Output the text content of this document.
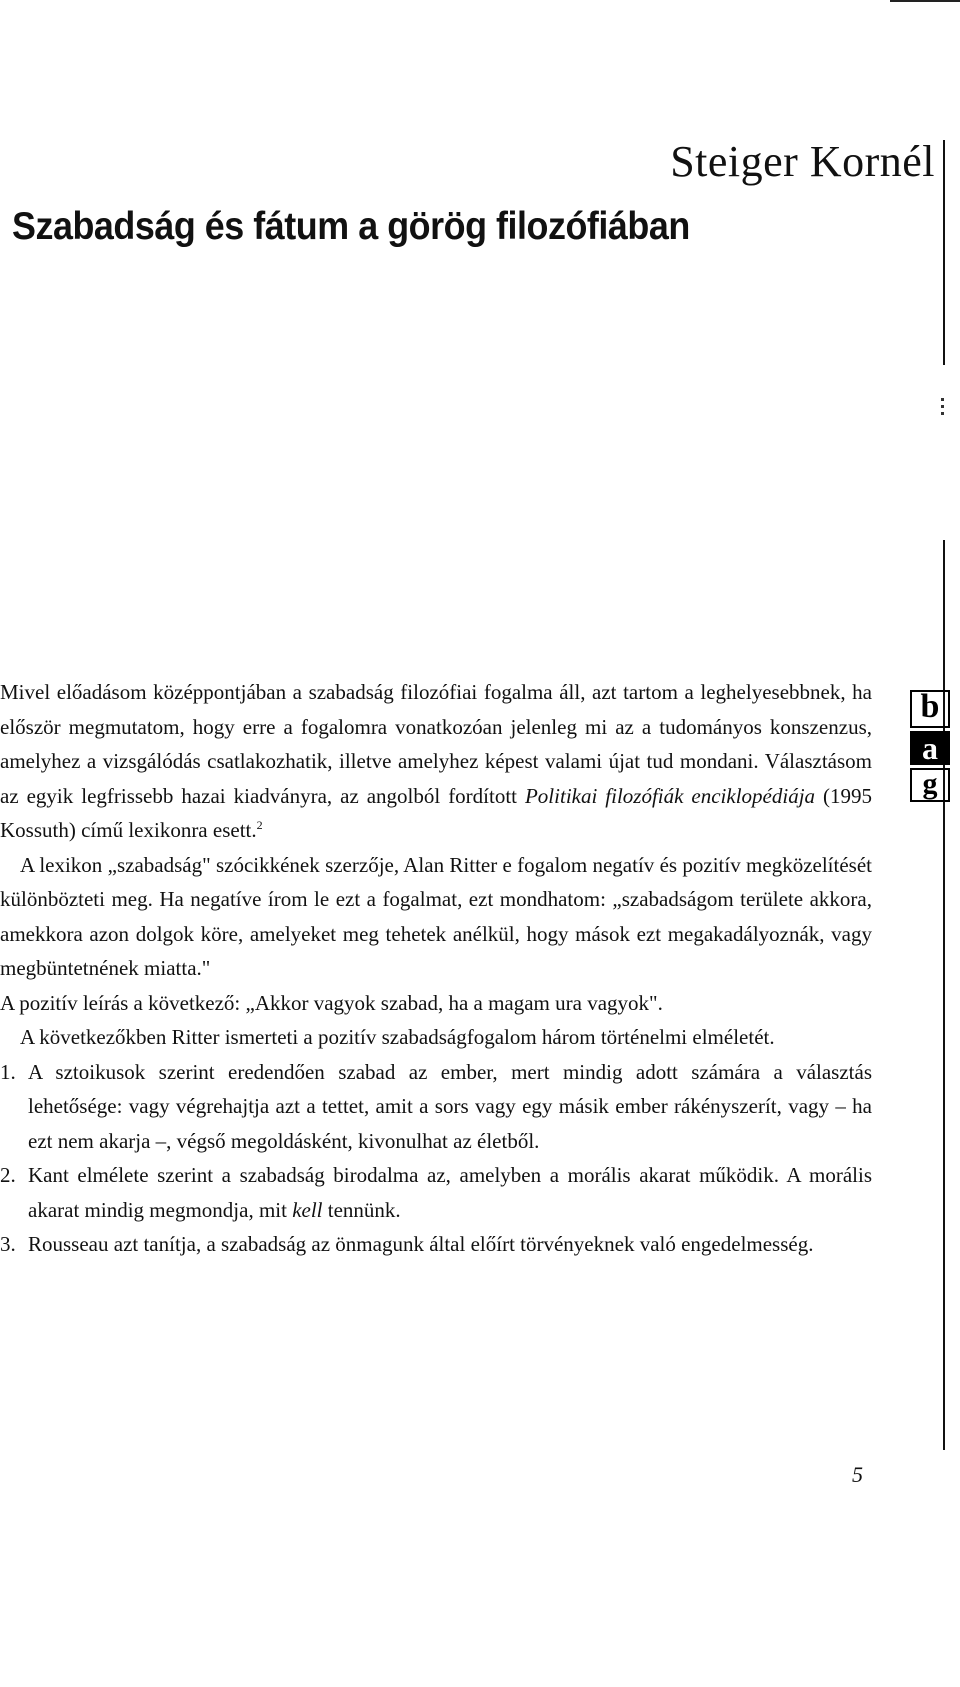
Steiger Kornél
Szabadság és fátum a görög filozófiában
b
a
g

Mivel előadásom középpontjában a szabadság filozófiai fogalma áll, azt tartom a leghelyesebbnek, ha először megmutatom, hogy erre a fogalomra vonatkozóan jelenleg mi az a tudományos konszenzus, amelyhez a vizsgálódás csatlakozhatik, illetve amelyhez képest valami újat tud mondani. Választásom az egyik legfrissebb hazai kiadványra, az angolból fordított Politikai filozófiák enciklopédiája (1995 Kossuth) című lexikonra esett.$^2$

A lexikon „szabadság" szócikkének szerzője, Alan Ritter e fogalom negatív és pozitív megközelítését különbözteti meg. Ha negatíve írom le ezt a fogalmat, ezt mondhatom: „szabadságom területe akkora, amekkora azon dolgok köre, amelyeket meg tehetek anélkül, hogy mások ezt megakadályoznák, vagy megbüntetnének miatta."

A pozitív leírás a következő: „Akkor vagyok szabad, ha a magam ura vagyok".

A következőkben Ritter ismerteti a pozitív szabadságfogalom három történelmi elméletét.

1. A sztoikusok szerint eredendően szabad az ember, mert mindig adott számára a választás lehetősége: vagy végrehajtja azt a tettet, amit a sors vagy egy másik ember rákényszerít, vagy – ha ezt nem akarja –, végső megoldásként, kivonulhat az életből.
2. Kant elmélete szerint a szabadság birodalma az, amelyben a morális akarat működik. A morális akarat mindig megmondja, mit kell tennünk.
3. Rousseau azt tanítja, a szabadság az önmagunk által előírt törvényeknek való engedelmesség.
5
